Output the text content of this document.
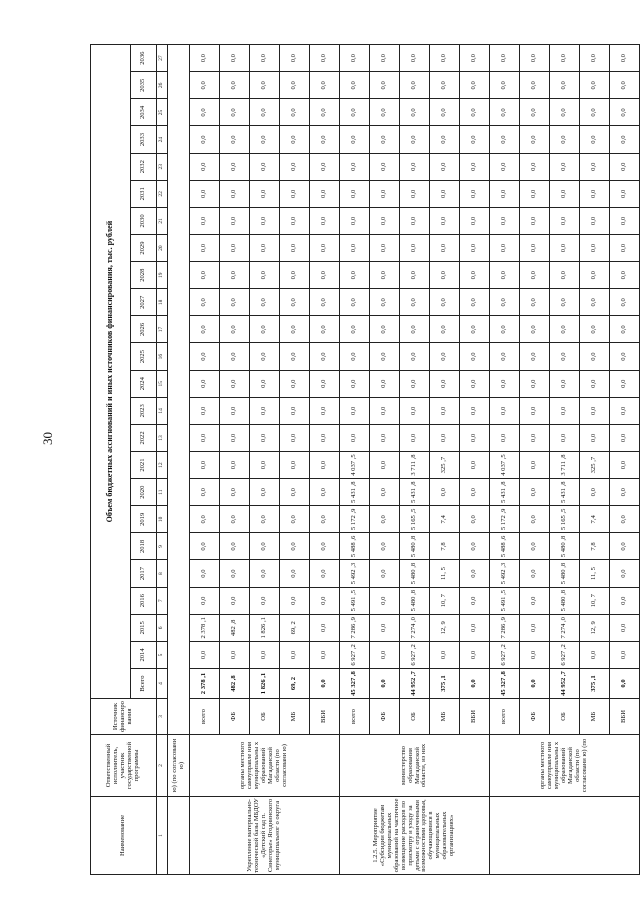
30
Наименование	Ответственный исполнитель, участник государственной программы	Источник финансирования	Объем бюджетных ассигнований и иных источников финансирования, тыс. рублей																							
			Всего	2014	2015	2016	2017	2018	2019	2020	2021	2022	2023	2024	2025	2026	2027	2028	2029	2030	2031	2032	2033	2034	2035	2036
1	2	3	4	5	6	7	8	9	10	11	12	13	14	15	16	17	18	19	20	21	22	23	24	25	26	27
	ю) (по согласовани ю)																									
Укрепление материально-технической базы МБДОУ «Детский сад п. Синегорье» Ягоднинского муниципальног о округа	органы местного самоуправле ния муниципальны х образований Магаданской области (по согласовани ю)	всего	2 378 ,1	0,0	2 378 ,1	0,0	0,0	0,0	0,0	0,0	0,0	0,0	0,0	0,0	0,0	0,0	0,0	0,0	0,0	0,0	0,0	0,0	0,0	0,0	0,0	0,0
		ФБ	482 ,8	0,0	482 ,8	0,0	0,0	0,0	0,0	0,0	0,0	0,0	0,0	0,0	0,0	0,0	0,0	0,0	0,0	0,0	0,0	0,0	0,0	0,0	0,0	0,0
		ОБ	1 826 ,1	0,0	1 826 ,1	0,0	0,0	0,0	0,0	0,0	0,0	0,0	0,0	0,0	0,0	0,0	0,0	0,0	0,0	0,0	0,0	0,0	0,0	0,0	0,0	0,0
		МБ	69, 2	0,0	69, 2	0,0	0,0	0,0	0,0	0,0	0,0	0,0	0,0	0,0	0,0	0,0	0,0	0,0	0,0	0,0	0,0	0,0	0,0	0,0	0,0	0,0
		ВБИ	0,0	0,0	0,0	0,0	0,0	0,0	0,0	0,0	0,0	0,0	0,0	0,0	0,0	0,0	0,0	0,0	0,0	0,0	0,0	0,0	0,0	0,0	0,0	0,0
1.2.5. Мероприятие «Субсидии бюджетам муниципальных образований на частичное возмещение расходов по присмотру и уходу за детьми с ограниченными возможностями здоровья, обучающимися в муниципальных образовательных организациях»	министерство образования Магаданской области, из них	всего	45 327 ,8	6 927 ,2	7 286 ,9	5 491 ,5	5 492 ,3	5 488 ,6	5 172 ,9	5 431 ,8	4 037 ,5	0,0	0,0	0,0	0,0	0,0	0,0	0,0	0,0	0,0	0,0	0,0	0,0	0,0	0,0	0,0
		ФБ	0,0	0,0	0,0	0,0	0,0	0,0	0,0	0,0	0,0	0,0	0,0	0,0	0,0	0,0	0,0	0,0	0,0	0,0	0,0	0,0	0,0	0,0	0,0	0,0
		ОБ	44 952 ,7	6 927 ,2	7 274 ,0	5 480 ,8	5 480 ,8	5 480 ,8	5 165 ,5	5 431 ,8	3 711 ,8	0,0	0,0	0,0	0,0	0,0	0,0	0,0	0,0	0,0	0,0	0,0	0,0	0,0	0,0	0,0
		МБ	375 ,1	0,0	12, 9	10, 7	11, 5	7,8	7,4	0,0	325 ,7	0,0	0,0	0,0	0,0	0,0	0,0	0,0	0,0	0,0	0,0	0,0	0,0	0,0	0,0	0,0
		ВБИ	0,0	0,0	0,0	0,0	0,0	0,0	0,0	0,0	0,0	0,0	0,0	0,0	0,0	0,0	0,0	0,0	0,0	0,0	0,0	0,0	0,0	0,0	0,0	0,0
	органы местного самоуправле ния муниципальны х образований Магаданской области (по согласовани ю) (по	всего	45 327 ,8	6 927 ,2	7 286 ,9	5 491 ,5	5 492 ,3	5 488 ,6	5 172 ,9	5 431 ,8	4 037 ,5	0,0	0,0	0,0	0,0	0,0	0,0	0,0	0,0	0,0	0,0	0,0	0,0	0,0	0,0	0,0
		ФБ	0,0	0,0	0,0	0,0	0,0	0,0	0,0	0,0	0,0	0,0	0,0	0,0	0,0	0,0	0,0	0,0	0,0	0,0	0,0	0,0	0,0	0,0	0,0	0,0
		ОБ	44 952 ,7	6 927 ,2	7 274 ,0	5 480 ,8	5 480 ,8	5 480 ,8	5 165 ,5	5 431 ,8	3 711 ,8	0,0	0,0	0,0	0,0	0,0	0,0	0,0	0,0	0,0	0,0	0,0	0,0	0,0	0,0	0,0
		МБ	375 ,1	0,0	12, 9	10, 7	11, 5	7,8	7,4	0,0	325 ,7	0,0	0,0	0,0	0,0	0,0	0,0	0,0	0,0	0,0	0,0	0,0	0,0	0,0	0,0	0,0
		ВБИ	0,0	0,0	0,0	0,0	0,0	0,0	0,0	0,0	0,0	0,0	0,0	0,0	0,0	0,0	0,0	0,0	0,0	0,0	0,0	0,0	0,0	0,0	0,0	0,0
